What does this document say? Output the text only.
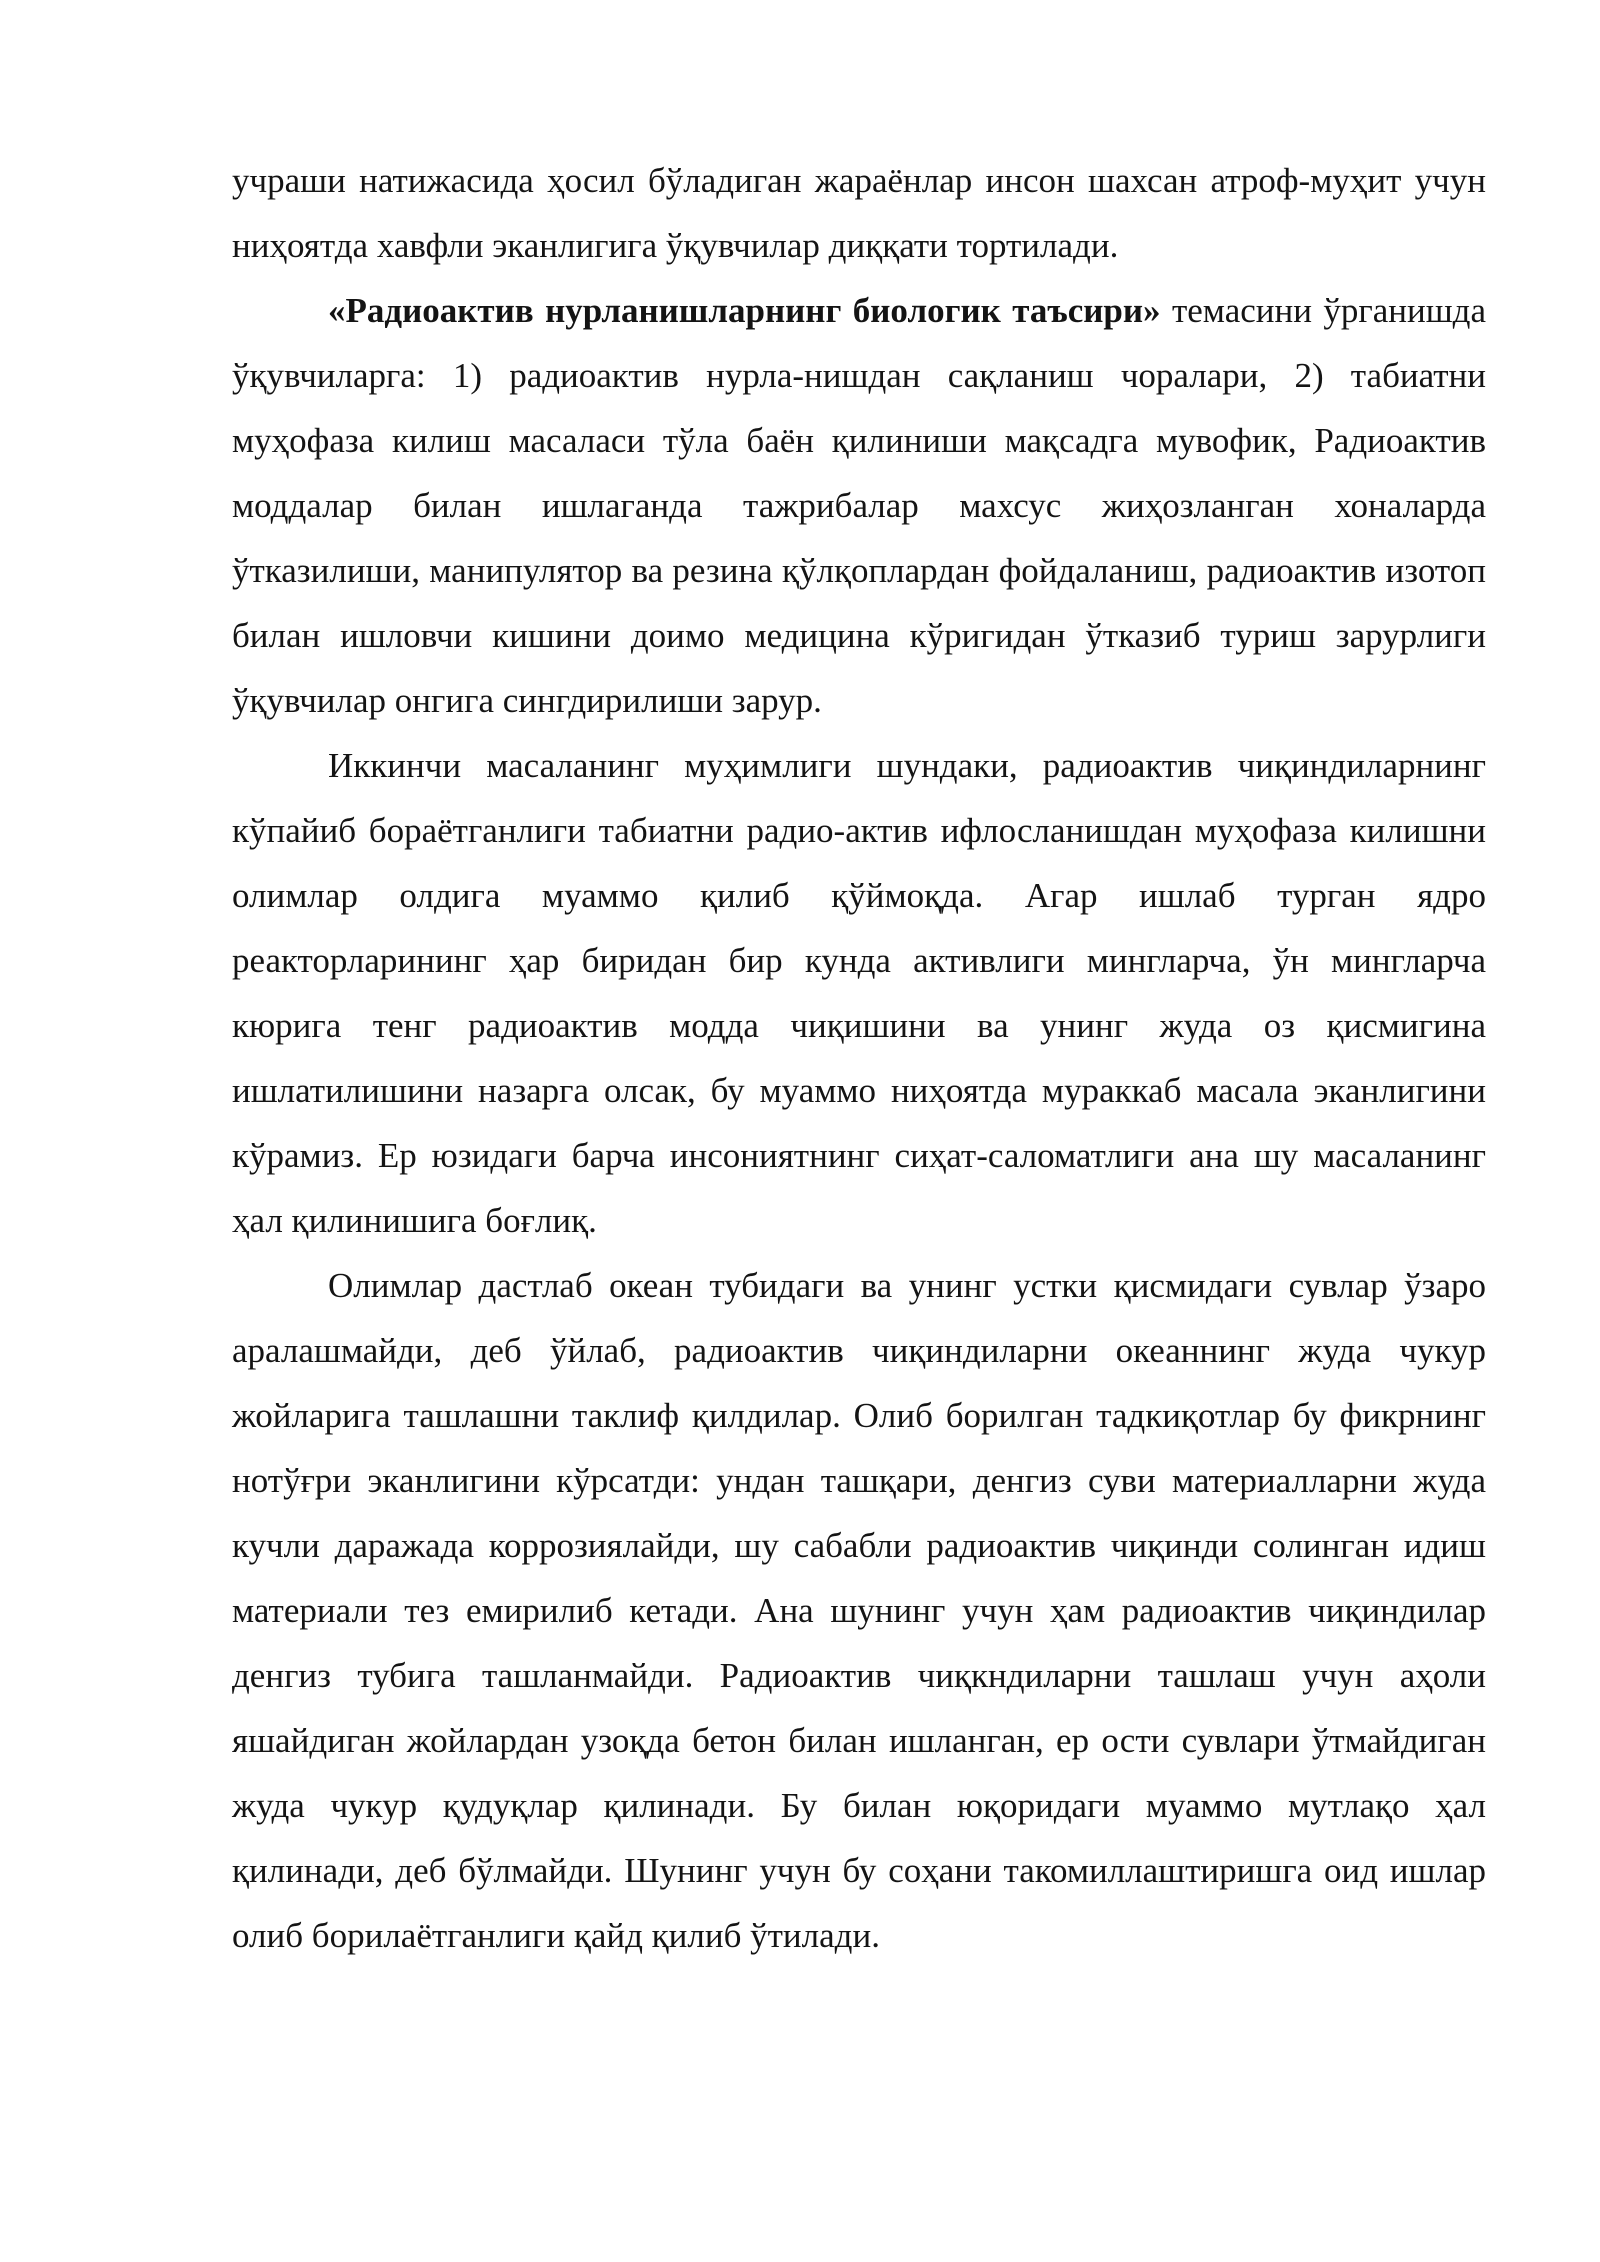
учраши натижасида ҳосил бўладиган жараёнлар инсон шахсан атроф-муҳит учун ниҳоятда хавфли эканлигига ўқувчилар диққати тортилади.

«Радиоактив нурланишларнинг биологик таъсири» темасини ўрганишда ўқувчиларга: 1) радиоактив нурла-нишдан сақланиш чоралари, 2) табиатни муҳофаза килиш масаласи тўла баён қилиниши мақсадга мувофик, Радиоактив моддалар билан ишлаганда тажрибалар махсус жиҳозланган хоналарда ўтказилиши, манипулятор ва резина қўлқоплардан фойдаланиш, радиоактив изотоп билан ишловчи кишини доимо медицина кўригидан ўтказиб туриш зарурлиги ўқувчилар онгига сингдирилиши зарур.

Иккинчи масаланинг муҳимлиги шундаки, радиоактив чиқиндиларнинг кўпайиб бораётганлиги табиатни радио-актив ифлосланишдан муҳофаза килишни олимлар олдига муаммо қилиб қўймоқда. Агар ишлаб турган ядро реакторларининг ҳар биридан бир кунда активлиги мингларча, ўн мингларча кюрига тенг радиоактив модда чиқишини ва унинг жуда оз қисмигина ишлатилишини назарга олсак, бу муаммо ниҳоятда мураккаб масала эканлигини кўрамиз. Ер юзидаги барча инсониятнинг сиҳат-саломатлиги ана шу масаланинг ҳал қилинишига боғлиқ.

Олимлар дастлаб океан тубидаги ва унинг устки қисмидаги сувлар ўзаро аралашмайди, деб ўйлаб, радиоактив чиқиндиларни океаннинг жуда чукур жойларига ташлашни таклиф қилдилар. Олиб борилган тадкиқотлар бу фикрнинг нотўғри эканлигини кўрсатди: ундан ташқари, денгиз суви материалларни жуда кучли даражада коррозиялайди, шу сабабли радиоактив чиқинди солинган идиш материали тез емирилиб кетади. Ана шунинг учун ҳам радиоактив чиқиндилар денгиз тубига ташланмайди. Радиоактив чиқкндиларни ташлаш учун аҳоли яшайдиган жойлардан узоқда бетон билан ишланган, ер ости сувлари ўтмайдиган жуда чукур қудуқлар қилинади. Бу билан юқоридаги муаммо мутлақо ҳал қилинади, деб бўлмайди. Шунинг учун бу соҳани такомиллаштиришга оид ишлар олиб борилаётганлиги қайд қилиб ўтилади.
